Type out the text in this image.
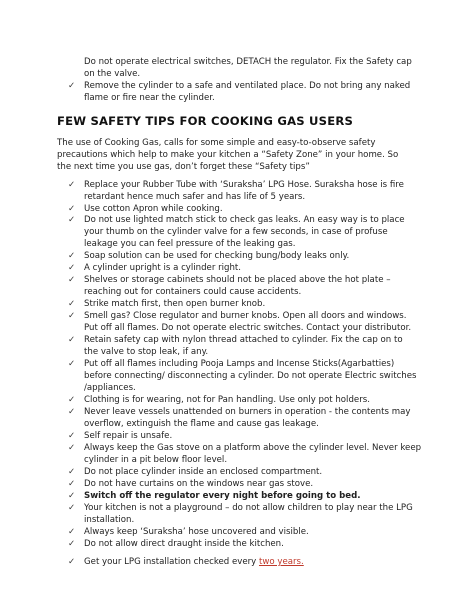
Do not operate electrical switches, DETACH the regulator. Fix the Safety cap
on the valve.
✓ Remove the cylinder to a safe and ventilated place. Do not bring any naked
flame or fire near the cylinder.
FEW SAFETY TIPS FOR COOKING GAS USERS
The use of Cooking Gas, calls for some simple and easy-to-observe safety
precautions which help to make your kitchen a “Safety Zone” in your home. So
the next time you use gas, don’t forget these “Safety tips”
✓ Replace your Rubber Tube with ‘Suraksha’ LPG Hose. Suraksha hose is fire
retardant hence much safer and has life of 5 years.
✓ Use cotton Apron while cooking.
✓ Do not use lighted match stick to check gas leaks. An easy way is to place
your thumb on the cylinder valve for a few seconds, in case of profuse
leakage you can feel pressure of the leaking gas.
✓ Soap solution can be used for checking bung/body leaks only.
✓ A cylinder upright is a cylinder right.
✓ Shelves or storage cabinets should not be placed above the hot plate –
reaching out for containers could cause accidents.
✓ Strike match first, then open burner knob.
✓ Smell gas? Close regulator and burner knobs. Open all doors and windows.
Put off all flames. Do not operate electric switches. Contact your distributor.
✓ Retain safety cap with nylon thread attached to cylinder. Fix the cap on to
the valve to stop leak, if any.
✓ Put off all flames including Pooja Lamps and Incense Sticks(Agarbatties)
before connecting/ disconnecting a cylinder. Do not operate Electric switches
/appliances.
✓ Clothing is for wearing, not for Pan handling. Use only pot holders.
✓ Never leave vessels unattended on burners in operation - the contents may
overflow, extinguish the flame and cause gas leakage.
✓ Self repair is unsafe.
✓ Always keep the Gas stove on a platform above the cylinder level. Never keep
cylinder in a pit below floor level.
✓ Do not place cylinder inside an enclosed compartment.
✓ Do not have curtains on the windows near gas stove.
✓ Switch off the regulator every night before going to bed.
✓ Your kitchen is not a playground – do not allow children to play near the LPG
installation.
✓ Always keep ‘Suraksha’ hose uncovered and visible.
✓ Do not allow direct draught inside the kitchen.
✓ Get your LPG installation checked every two years.
